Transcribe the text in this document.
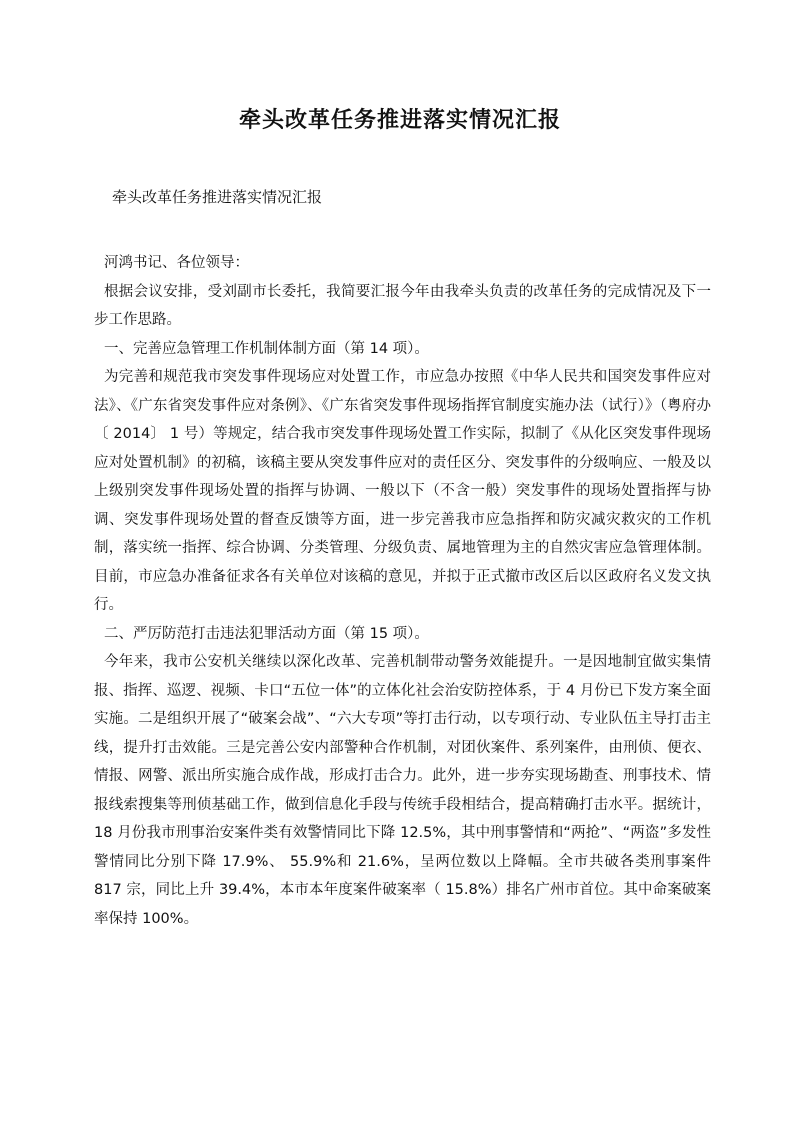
牵头改革任务推进落实情况汇报

牵头改革任务推进落实情况汇报

河鸿书记、各位领导：

根据会议安排，受刘副市长委托，我简要汇报今年由我牵头负责的改革任务的完成情况及下一步工作思路。

一、完善应急管理工作机制体制方面（第 14 项）。

为完善和规范我市突发事件现场应对处置工作，市应急办按照《中华人民共和国突发事件应对法》、《广东省突发事件应对条例》、《广东省突发事件现场指挥官制度实施办法（试行）》（粤府办〔 2014〕 1 号）等规定，结合我市突发事件现场处置工作实际，拟制了《从化区突发事件现场应对处置机制》的初稿，该稿主要从突发事件应对的责任区分、突发事件的分级响应、一般及以上级别突发事件现场处置的指挥与协调、一般以下（不含一般）突发事件的现场处置指挥与协调、突发事件现场处置的督查反馈等方面，进一步完善我市应急指挥和防灾减灾救灾的工作机制，落实统一指挥、综合协调、分类管理、分级负责、属地管理为主的自然灾害应急管理体制。目前，市应急办准备征求各有关单位对该稿的意见，并拟于正式撤市改区后以区政府名义发文执行。

二、严厉防范打击违法犯罪活动方面（第 15 项）。

今年来，我市公安机关继续以深化改革、完善机制带动警务效能提升。一是因地制宜做实集情报、指挥、巡逻、视频、卡口“五位一体”的立体化社会治安防控体系，于 4 月份已下发方案全面实施。二是组织开展了“破案会战”、“六大专项”等打击行动，以专项行动、专业队伍主导打击主线，提升打击效能。三是完善公安内部警种合作机制，对团伙案件、系列案件，由刑侦、便衣、情报、网警、派出所实施合成作战，形成打击合力。此外，进一步夯实现场勘查、刑事技术、情报线索搜集等刑侦基础工作，做到信息化手段与传统手段相结合，提高精确打击水平。据统计， 18 月份我市刑事治安案件类有效警情同比下降 12.5%，其中刑事警情和“两抢”、“两盗”多发性警情同比分别下降 17.9%、 55.9%和 21.6%，呈两位数以上降幅。全市共破各类刑事案件 817 宗，同比上升 39.4%，本市本年度案件破案率（ 15.8%）排名广州市首位。其中命案破案率保持 100%。
